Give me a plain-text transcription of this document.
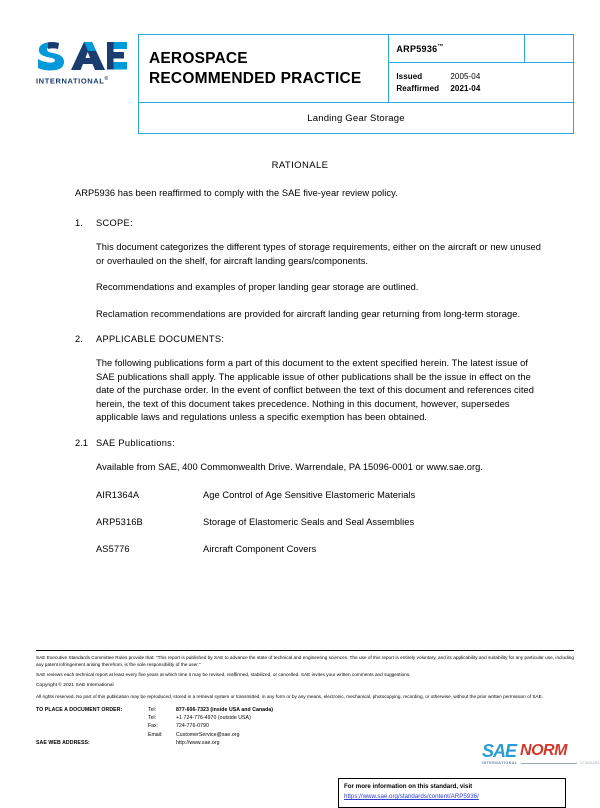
INTERNATIONAL®
AEROSPACE
RECOMMENDED PRACTICE
	ARP5936™	

Issued	2005-04
Reaffirmed	2021-04

Landing Gear Storage
RATIONALE

ARP5936 has been reaffirmed to comply with the SAE five-year review policy.

1.	SCOPE:

This document categorizes the different types of storage requirements, either on the aircraft or new unused or overhauled on the shelf, for aircraft landing gears/components.

Recommendations and examples of proper landing gear storage are outlined.

Reclamation recommendations are provided for aircraft landing gear returning from long-term storage.

2.	APPLICABLE DOCUMENTS:

The following publications form a part of this document to the extent specified herein. The latest issue of SAE publications shall apply. The applicable issue of other publications shall be the issue in effect on the date of the purchase order. In the event of conflict between the text of this document and references cited herein, the text of this document takes precedence. Nothing in this document, however, supersedes applicable laws and regulations unless a specific exemption has been obtained.

2.1 SAE Publications:

Available from SAE, 400 Commonwealth Drive. Warrendale, PA 15096-0001 or www.sae.org.

AIR1364A	Age Control of Age Sensitive Elastomeric Materials
ARP5316B	Storage of Elastomeric Seals and Seal Assemblies
AS5776	Aircraft Component Covers

SAE Executive Standards Committee Rules provide that: "This report is published by SAE to advance the state of technical and engineering sciences. The use of this report is entirely voluntary, and its applicability and suitability for any particular use, including any patent infringement arising therefrom, is the sole responsibility of the user."

SAE reviews each technical report at least every five years at which time it may be revised, reaffirmed, stabilized, or cancelled. SAE invites your written comments and suggestions.

Copyright © 2021 SAE International

All rights reserved. No part of this publication may be reproduced, stored in a retrieval system or transmitted, in any form or by any means, electronic, mechanical, photocopying, recording, or otherwise, without the prior written permission of SAE.

TO PLACE A DOCUMENT ORDER:	Tel:	877-606-7323 (inside USA and Canada)
Tel:	+1 724-776-4970 (outside USA)
Fax:	724-776-0790
Email:	CustomerService@sae.org
SAE WEB ADDRESS:	http://www.sae.org
For more information on this standard, visit
https://www.sae.org/standards/content/ARP5936/
SAE NORM
INTERNATIONAL	STANDARD
